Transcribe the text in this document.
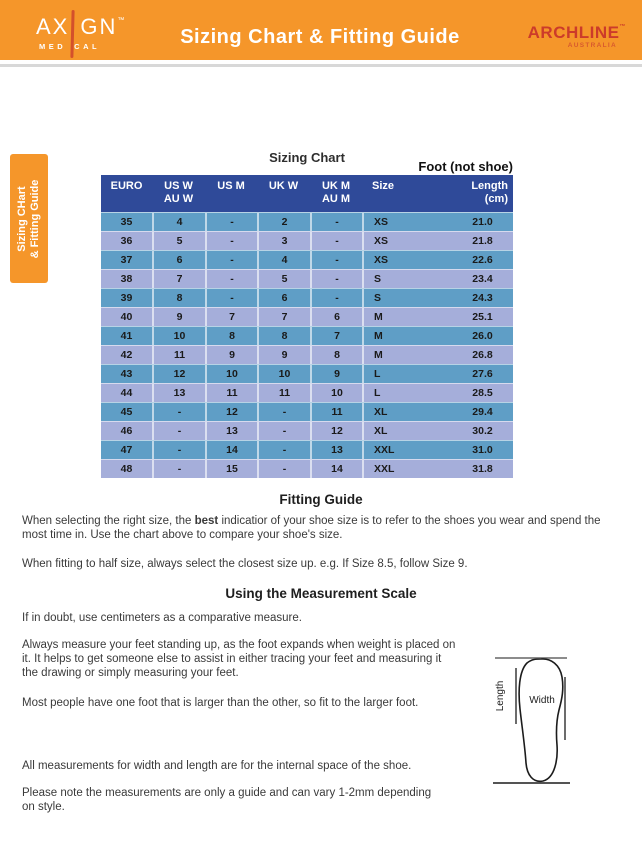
AX GN™
MED CAL	Sizing Chart & Fitting Guide	ARCHLINE™
AUSTRALIA
Sizing CHart & Fitting Guide
Sizing Chart
Foot (not shoe)
EURO US W
AU W
US M UK W UK M
AU M
Size	Length
(cm)
35	4	-	2	-	XS	21.0
36	5	-	3	-	XS	21.8
37	6	-	4	-	XS	22.6
38	7	-	5	-	S	23.4
39	8	-	6	-	S	24.3
40	9	7	7	6	M	25.1
41	10	8	8	7	M	26.0
42	11	9	9	8	M	26.8
43	12	10	10	9	L	27.6
44	13	11	11	10	L	28.5
45	-	12	-	11	XL	29.4
46	-	13	-	12	XL	30.2
47	-	14	-	13	XXL	31.0
48	-	15	-	14	XXL	31.8
Fitting Guide
When selecting the right size, the best indicatior of your shoe size is to refer to the shoes you wear and spend the most time in. Use the chart above to compare your shoe's size.
When fitting to half size, always select the closest size up. e.g. If Size 8.5, follow Size 9.
Using the Measurement Scale
If in doubt, use centimeters as a comparative measure.
Always measure your feet standing up, as the foot expands when weight is placed on it. It helps to get someone else to assist in either tracing your feet and measuring it the drawing or simply measuring your feet.
Most people have one foot that is larger than the other, so fit to the larger foot.
All measurements for width and length are for the internal space of the shoe.
Please note the measurements are only a guide and can vary 1-2mm depending on style.
Width
Length
